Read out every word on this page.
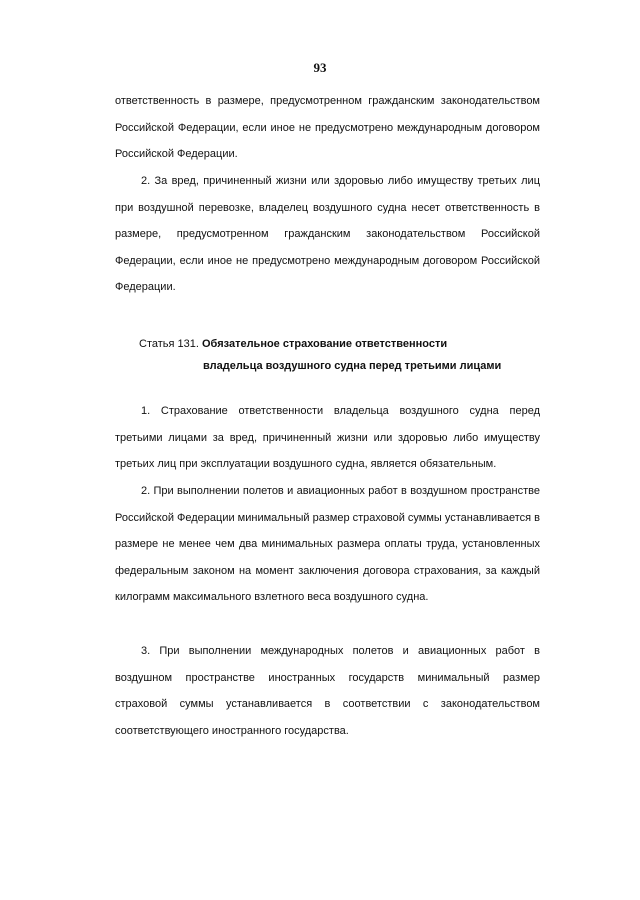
93

ответственность в размере, предусмотренном гражданским законодательством Российской Федерации, если иное не предусмотрено международным договором Российской Федерации.

2. За вред, причиненный жизни или здоровью либо имуществу третьих лиц при воздушной перевозке, владелец воздушного судна несет ответственность в размере, предусмотренном гражданским законодательством Российской Федерации, если иное не предусмотрено международным договором Российской Федерации.

Статья 131. Обязательное страхование ответственности
владельца воздушного судна перед третьими лицами

1. Страхование ответственности владельца воздушного судна перед третьими лицами за вред, причиненный жизни или здоровью либо имуществу третьих лиц при эксплуатации воздушного судна, является обязательным.

2. При выполнении полетов и авиационных работ в воздушном пространстве Российской Федерации минимальный размер страховой суммы устанавливается в размере не менее чем два минимальных размера оплаты труда, установленных федеральным законом на момент заключения договора страхования, за каждый килограмм максимального взлетного веса воздушного судна.

3. При выполнении международных полетов и авиационных работ в воздушном пространстве иностранных государств минимальный размер страховой суммы устанавливается в соответствии с законодательством соответствующего иностранного государства.
